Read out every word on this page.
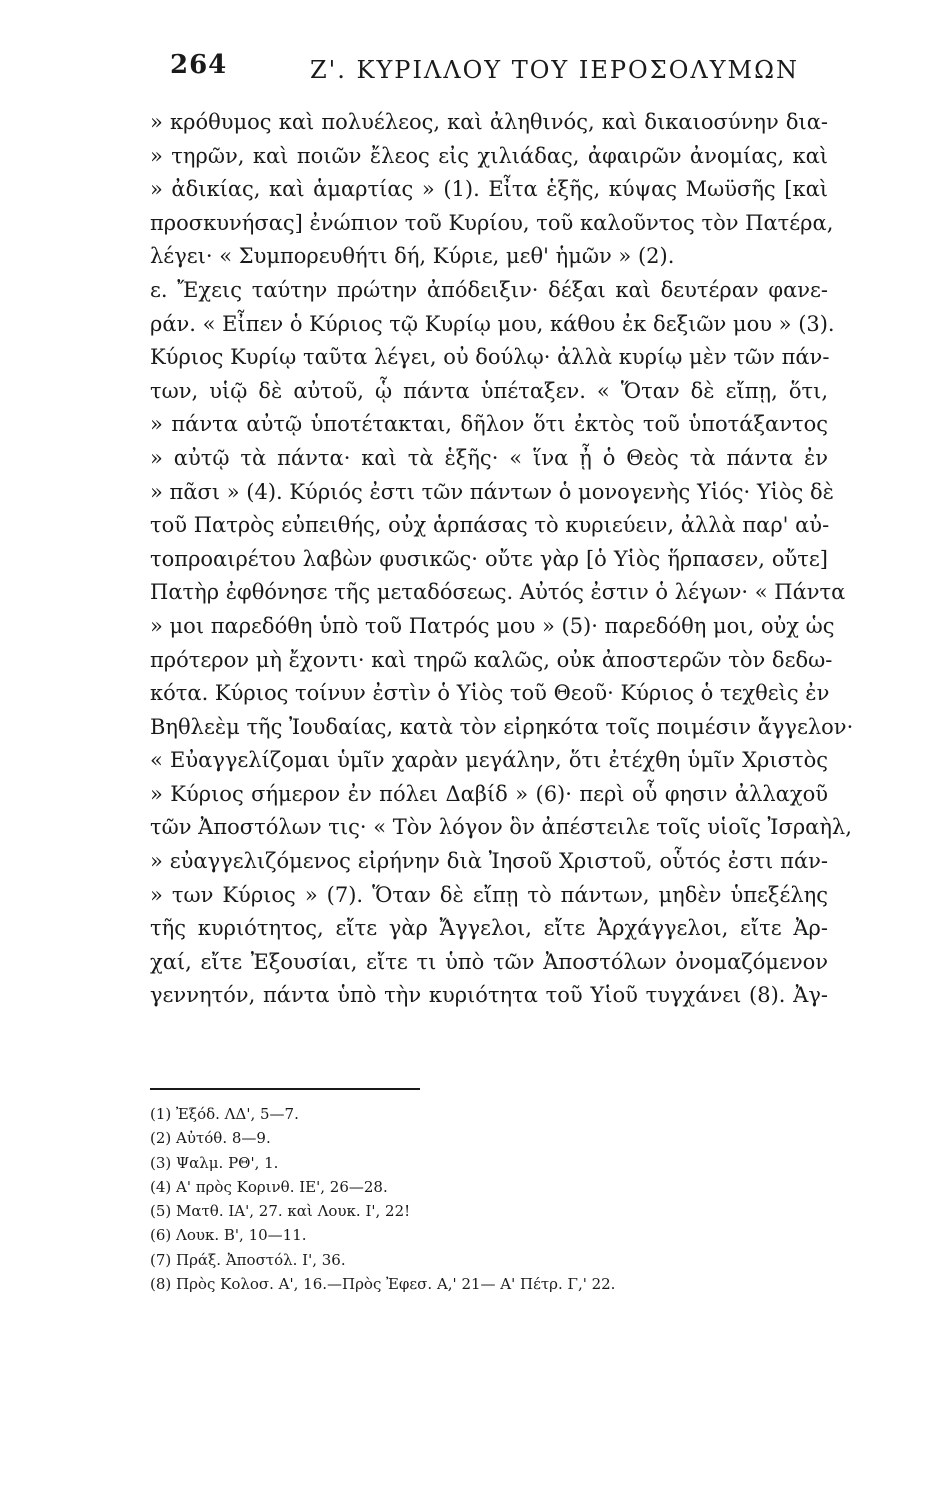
264	Ζ'. ΚΥΡΙΛΛΟΥ ΤΟΥ ΙΕΡΟΣΟΛΥΜΩΝ
» κρόθυμος καὶ πολυέλεος, καὶ ἀληθινός, καὶ δικαιοσύνην δια-
» τηρῶν, καὶ ποιῶν ἔλεος εἰς χιλιάδας, ἀφαιρῶν ἀνομίας, καὶ
» ἀδικίας, καὶ ἁμαρτίας » (1). Εἶτα ἑξῆς, κύψας Μωϋσῆς [καὶ
προσκυνήσας] ἐνώπιον τοῦ Κυρίου, τοῦ καλοῦντος τὸν Πατέρα,
λέγει· « Συμπορευθήτι δή, Κύριε, μεθ' ἡμῶν » (2).
ε. Ἔχεις ταύτην πρώτην ἀπόδειξιν· δέξαι καὶ δευτέραν φανε-
ράν. « Εἶπεν ὁ Κύριος τῷ Κυρίῳ μου, κάθου ἐκ δεξιῶν μου » (3).
Κύριος Κυρίῳ ταῦτα λέγει, οὐ δούλῳ· ἀλλὰ κυρίῳ μὲν τῶν πάν-
των, υἱῷ δὲ αὐτοῦ, ᾧ πάντα ὑπέταξεν. « Ὅταν δὲ εἴπῃ, ὅτι,
» πάντα αὐτῷ ὑποτέτακται, δῆλον ὅτι ἐκτὸς τοῦ ὑποτάξαντος
» αὐτῷ τὰ πάντα· καὶ τὰ ἑξῆς· « ἵνα ᾖ ὁ Θεὸς τὰ πάντα ἐν
» πᾶσι » (4). Κύριός ἐστι τῶν πάντων ὁ μονογενὴς Υἱός· Υἱὸς δὲ
τοῦ Πατρὸς εὐπειθής, οὐχ ἁρπάσας τὸ κυριεύειν, ἀλλὰ παρ' αὐ-
τοπροαιρέτου λαβὼν φυσικῶς· οὔτε γὰρ [ὁ Υἱὸς ἥρπασεν, οὔτε]
Πατὴρ ἐφθόνησε τῆς μεταδόσεως. Αὐτός ἐστιν ὁ λέγων· « Πάντα
» μοι παρεδόθη ὑπὸ τοῦ Πατρός μου » (5)· παρεδόθη μοι, οὐχ ὡς
πρότερον μὴ ἔχοντι· καὶ τηρῶ καλῶς, οὐκ ἀποστερῶν τὸν δεδω-
κότα. Κύριος τοίνυν ἐστὶν ὁ Υἱὸς τοῦ Θεοῦ· Κύριος ὁ τεχθεὶς ἐν
Βηθλεὲμ τῆς Ἰουδαίας, κατὰ τὸν εἰρηκότα τοῖς ποιμέσιν ἄγγελον·
« Εὐαγγελίζομαι ὑμῖν χαρὰν μεγάλην, ὅτι ἐτέχθη ὑμῖν Χριστὸς
» Κύριος σήμερον ἐν πόλει Δαβίδ » (6)· περὶ οὗ φησιν ἀλλαχοῦ
τῶν Ἀποστόλων τις· « Τὸν λόγον ὃν ἀπέστειλε τοῖς υἱοῖς Ἰσραὴλ,
» εὐαγγελιζόμενος εἰρήνην διὰ Ἰησοῦ Χριστοῦ, οὗτός ἐστι πάν-
» των Κύριος » (7). Ὅταν δὲ εἴπῃ τὸ πάντων, μηδὲν ὑπεξέλης
τῆς κυριότητος, εἴτε γὰρ Ἄγγελοι, εἴτε Ἀρχάγγελοι, εἴτε Ἀρ-
χαί, εἴτε Ἐξουσίαι, εἴτε τι ὑπὸ τῶν Ἀποστόλων ὀνομαζόμενον
γεννητόν, πάντα ὑπὸ τὴν κυριότητα τοῦ Υἱοῦ τυγχάνει (8). Ἀγ-
(1) Ἐξόδ. ΛΔ', 5—7.
(2) Αὐτόθ. 8—9.
(3) Ψαλμ. ΡΘ', 1.
(4) Α' πρὸς Κορινθ. ΙΕ', 26—28.
(5) Ματθ. ΙΑ', 27. καὶ Λουκ. Ι', 22!
(6) Λουκ. Β', 10—11.
(7) Πράξ. Ἀποστόλ. Ι', 36.
(8) Πρὸς Κολοσ. Α', 16.—Πρὸς Ἐφεσ. Α,' 21— Α' Πέτρ. Γ,' 22.
